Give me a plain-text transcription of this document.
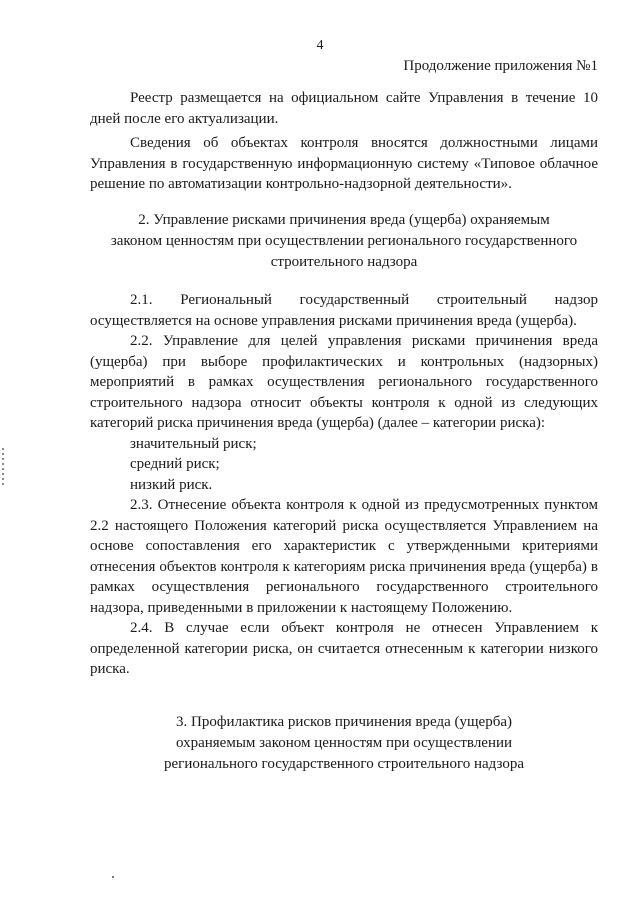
4
Продолжение приложения №1

Реестр размещается на официальном сайте Управления в течение 10 дней после его актуализации.

Сведения об объектах контроля вносятся должностными лицами Управления в государственную информационную систему «Типовое облачное решение по автоматизации контрольно-надзорной деятельности».

2. Управление рисками причинения вреда (ущерба) охраняемым
законом ценностям при осуществлении регионального государственного
строительного надзора

2.1. Региональный государственный строительный надзор осуществляется на основе управления рисками причинения вреда (ущерба).

2.2. Управление для целей управления рисками причинения вреда (ущерба) при выборе профилактических и контрольных (надзорных) мероприятий в рамках осуществления регионального государственного строительного надзора относит объекты контроля к одной из следующих категорий риска причинения вреда (ущерба) (далее – категории риска):

значительный риск;

средний риск;

низкий риск.

2.3. Отнесение объекта контроля к одной из предусмотренных пунктом 2.2 настоящего Положения категорий риска осуществляется Управлением на основе сопоставления его характеристик с утвержденными критериями отнесения объектов контроля к категориям риска причинения вреда (ущерба) в рамках осуществления регионального государственного строительного надзора, приведенными в приложении к настоящему Положению.

2.4. В случае если объект контроля не отнесен Управлением к определенной категории риска, он считается отнесенным к категории низкого риска.

3. Профилактика рисков причинения вреда (ущерба)
охраняемым законом ценностям при осуществлении
регионального государственного строительного надзора
